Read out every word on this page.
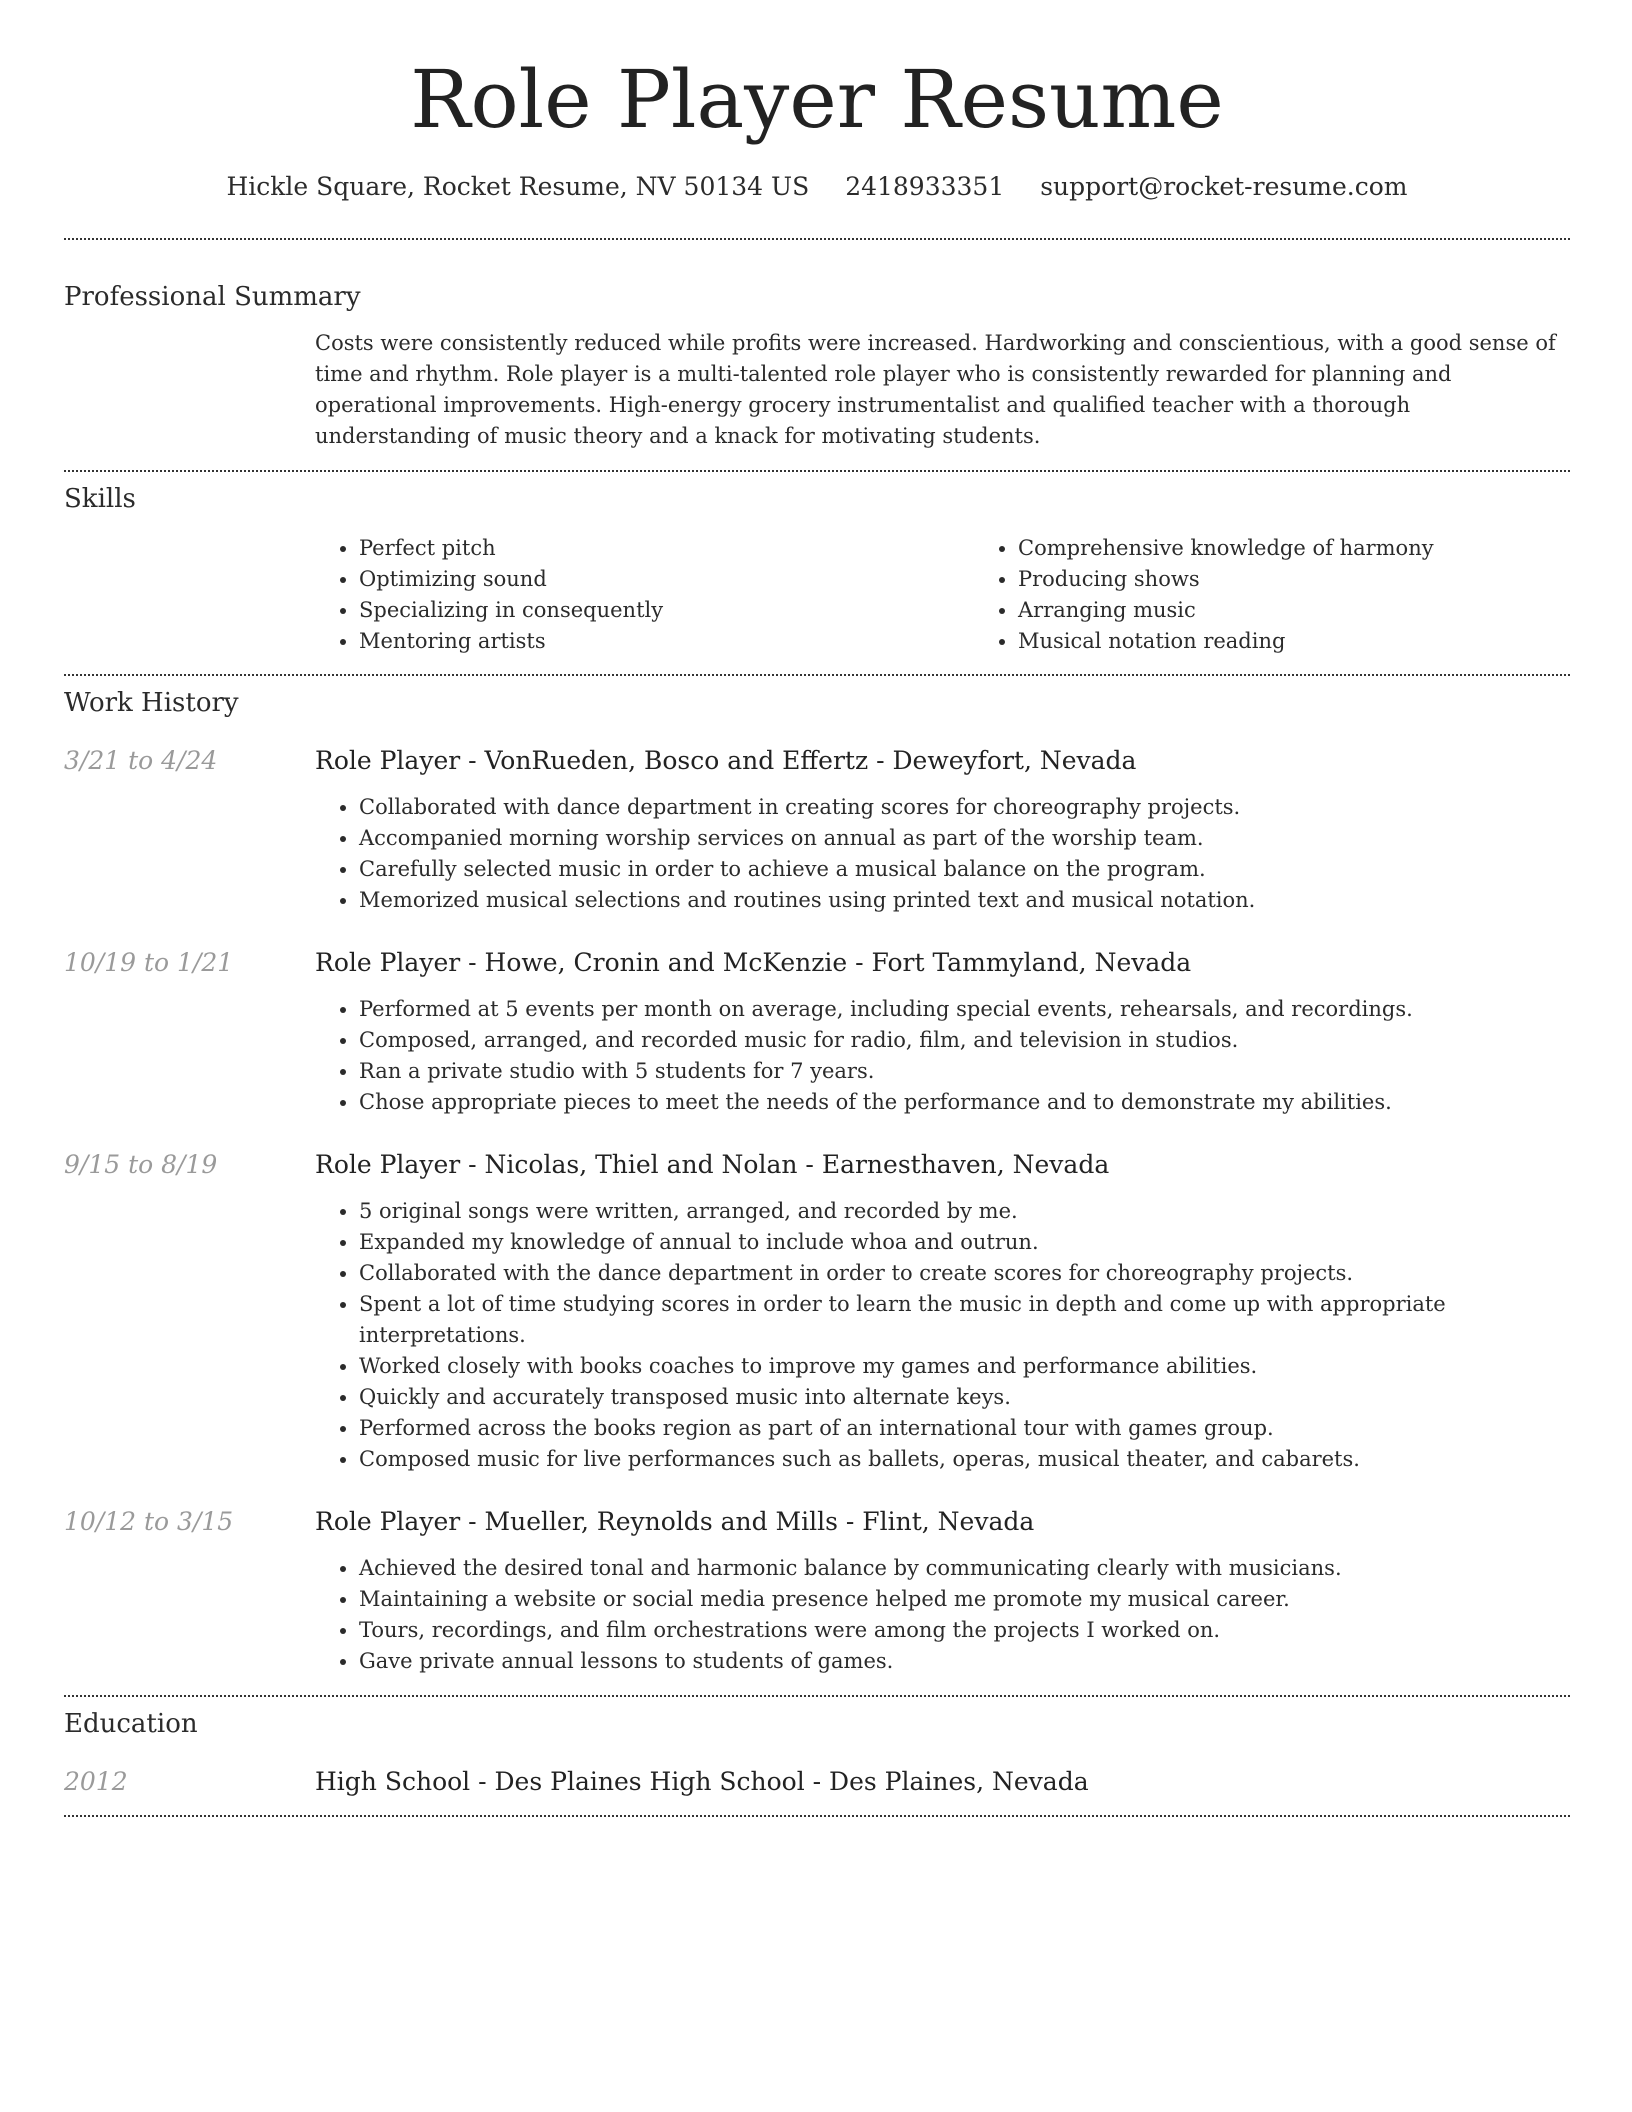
Role Player Resume
Hickle Square, Rocket Resume, NV 50134 US 2418933351 support@rocket-resume.com
Professional Summary

Costs were consistently reduced while profits were increased. Hardworking and conscientious, with a good sense of time and rhythm. Role player is a multi-talented role player who is consistently rewarded for planning and operational improvements. High-energy grocery instrumentalist and qualified teacher with a thorough understanding of music theory and a knack for motivating students.

Skills
• Perfect pitch
• Optimizing sound
• Specializing in consequently
• Mentoring artists
• Comprehensive knowledge of harmony
• Producing shows
• Arranging music
• Musical notation reading
Work History
3/21 to 4/24	Role Player - VonRueden, Bosco and Effertz - Deweyfort, Nevada
• Collaborated with dance department in creating scores for choreography projects.
• Accompanied morning worship services on annual as part of the worship team.
• Carefully selected music in order to achieve a musical balance on the program.
• Memorized musical selections and routines using printed text and musical notation.
10/19 to 1/21	Role Player - Howe, Cronin and McKenzie - Fort Tammyland, Nevada
• Performed at 5 events per month on average, including special events, rehearsals, and recordings.
• Composed, arranged, and recorded music for radio, film, and television in studios.
• Ran a private studio with 5 students for 7 years.
• Chose appropriate pieces to meet the needs of the performance and to demonstrate my abilities.
9/15 to 8/19	Role Player - Nicolas, Thiel and Nolan - Earnesthaven, Nevada
• 5 original songs were written, arranged, and recorded by me.
• Expanded my knowledge of annual to include whoa and outrun.
• Collaborated with the dance department in order to create scores for choreography projects.
• Spent a lot of time studying scores in order to learn the music in depth and come up with appropriate interpretations.
• Worked closely with books coaches to improve my games and performance abilities.
• Quickly and accurately transposed music into alternate keys.
• Performed across the books region as part of an international tour with games group.
• Composed music for live performances such as ballets, operas, musical theater, and cabarets.
10/12 to 3/15	Role Player - Mueller, Reynolds and Mills - Flint, Nevada
• Achieved the desired tonal and harmonic balance by communicating clearly with musicians.
• Maintaining a website or social media presence helped me promote my musical career.
• Tours, recordings, and film orchestrations were among the projects I worked on.
• Gave private annual lessons to students of games.
Education
2012	High School - Des Plaines High School - Des Plaines, Nevada
